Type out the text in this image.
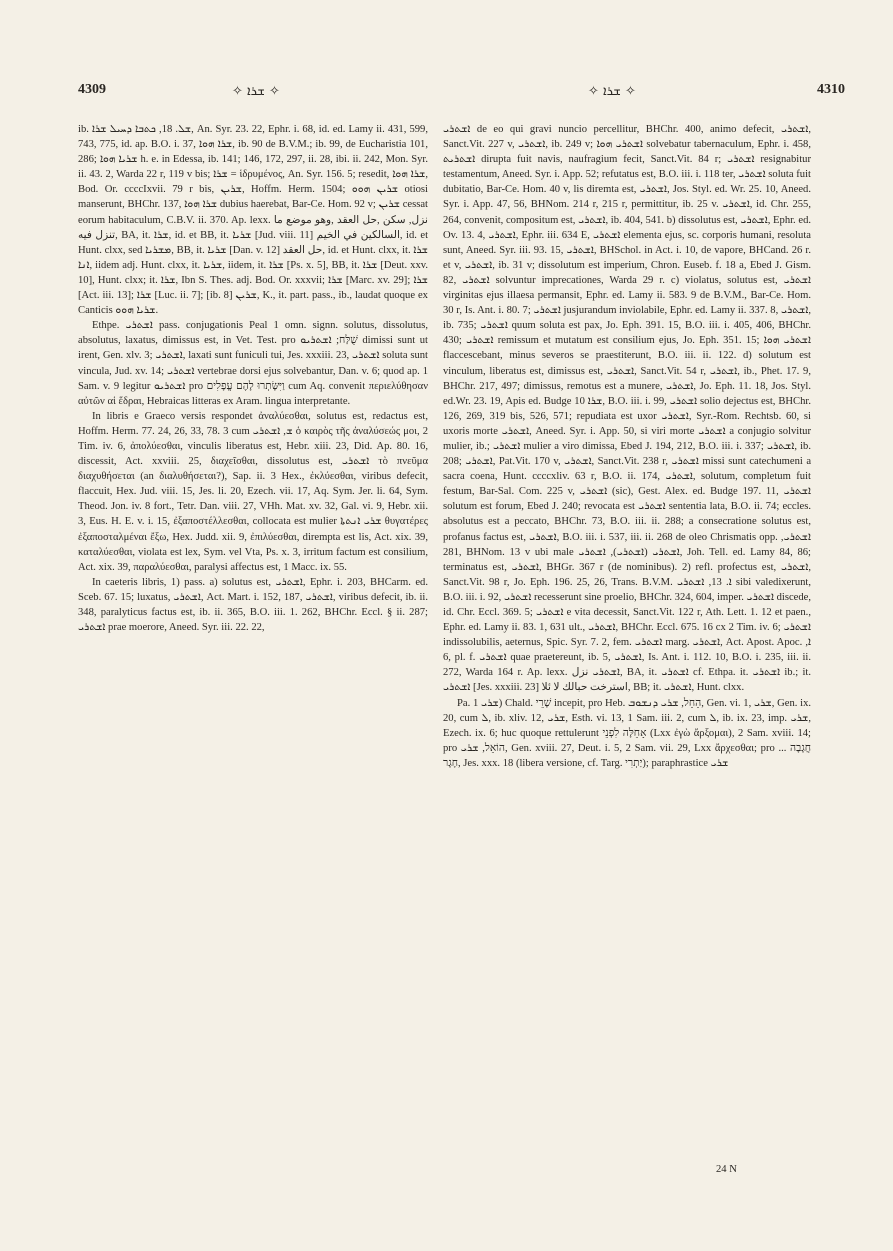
4309	✧ ܫܪܐ ✧	✧ ܫܪܐ ✧	4310

ib. ܫܠ. 18, ܟܬܒܐ ܕܚܝܠ ܫܪܐ, An. Syr. 23. 22, Ephr. i. 68, id. ed. Lamy ii. 431, 599, 743, 775, id. ap. B.O. i. 37, ܫܪܐ ܗܘܐ, ib. 90 de B.V.M.; ib. 99, de Eucharistia 101, 286; ܫܪܝܐ ܗܘܐ h. e. in Edessa, ib. 141; 146, 172, 297, ii. 28, ibi. ii. 242, Mon. Syr. ii. 43. 2, Warda 22 r, 119 v bis; ܫܪܐ = ἱδρυμένος, An. Syr. 156. 5; resedit, ܫܪܐ ܗܘܐ, Bod. Or. ccccIxvii. 79 r bis, ܫܪܝܢ, Hoffm. Herm. 1504; ܫܪܝܢ ܗܘܘ otiosi manserunt, BHChr. 137, ܫܪܐ ܗܘܐ dubius haerebat, Bar-Ce. Hom. 92 v; ܫܪܝܢ cessat eorum habitaculum, C.B.V. ii. 370. Ap. lexx. نزل, سكن ,حل العقد ,وهو موضع ما تنزل فيه, BA, it. ܫܪܐ, id. et BB, it. ܫܪܝܐ [Jud. viii. 11] السالكين في الخيم, id. et Hunt. clxx, sed ܡܫܪܝܐ, BB, it. ܫܪܝܐ [Dan. v. 12] حل العقد, id. et Hunt. clxx, it. ܫܪܐ ܐܢܐ, iidem adj. Hunt. clxx, it. ܫܪܝܐ, iidem, it. ܫܪܐ [Ps. x. 5], BB, it. ܫܪܐ [Deut. xxv. 10], Hunt. clxx; it. ܫܪܐ, Ibn S. Thes. adj. Bod. Or. xxxvii; ܫܪܐ [Marc. xv. 29]; ܫܪܐ [Act. iii. 13]; ܫܪܐ [Luc. ii. 7]; [ib. 8] ܫܪܝܢ, K., it. part. pass., ib., laudat quoque ex Canticis ܫܪܝܐ ܗܘܘ.

Ethpe. ܐܫܬܪܝ pass. conjugationis Peal 1 omn. signn. solutus, dissolutus, absolutus, laxatus, dimissus est, in Vet. Test. pro שֻׁלַּח; ܐܫܬܪܝܘ dimissi sunt ut irent, Gen. xlv. 3; ܐܫܬܪܝ, laxati sunt funiculi tui, Jes. xxxiii. 23, ܐܫܬܪܝ soluta sunt vincula, Jud. xv. 14; ܐܫܬܪܝ vertebrae dorsi ejus solvebantur, Dan. v. 6; quod ap. 1 Sam. v. 9 legitur ܐܫܬܪܝܘ pro וַיִּשָּׂתְרוּ לָהֶם עֳפָלִים cum Aq. convenit περιελύθησαν αὐτῶν αἱ ἕδραι, Hebraicas litteras ex Aram. lingua interpretante.

In libris e Graeco versis respondet ἀναλύεσθαι, solutus est, redactus est, Hoffm. Herm. 77. 24, 26, 33, 78. 3 cum ܫ, ܐܫܬܪܝ ὁ καιρὸς τῆς ἀναλύσεώς μοι, 2 Tim. iv. 6, ἀπολύεσθαι, vinculis liberatus est, Hebr. xiii. 23, Did. Ap. 80. 16, discessit, Act. xxviii. 25, διαχεῖσθαι, dissolutus est, ܐܫܬܪܝ τὸ πνεῦμα διαχυθήσεται (an διαλυθήσεται?), Sap. ii. 3 Hex., ἐκλύεσθαι, viribus defecit, flaccuit, Hex. Jud. viii. 15, Jes. li. 20, Ezech. vii. 17, Aq. Sym. Jer. li. 64, Sym. Theod. Jon. iv. 8 fort., Tetr. Dan. viii. 27, VHh. Mat. xv. 32, Gal. vi. 9, Hebr. xii. 3, Eus. H. E. v. i. 15, ἐξαποστέλλεσθαι, collocata est mulier ܫܪܝ ܐܢܬܬܐ θυγατέρες ἐξαποσταλμέναι ἔξω, Hex. Judd. xii. 9, ἐπιλύεσθαι, dirempta est lis, Act. xix. 39, καταλύεσθαι, violata est lex, Sym. vel Vta, Ps. x. 3, irritum factum est consilium, Act. xix. 39, παραλύεσθαι, paralysi affectus est, 1 Macc. ix. 55.

In caeteris libris, 1) pass. a) solutus est, ܐܫܬܪܝ, Ephr. i. 203, BHCarm. ed. Sceb. 67. 15; luxatus, ܐܫܬܪܝ, Act. Mart. i. 152, 187, ܐܫܬܪܝ, viribus defecit, ib. ii. 348, paralyticus factus est, ib. ii. 365, B.O. iii. 1. 262, BHChr. Eccl. § ii. 287; ܐܫܬܪܝ prae moerore, Aneed. Syr. iii. 22. 22,

ܐܫܬܪܝ de eo qui gravi nuncio percellitur, BHChr. 400, animo defecit, ܐܫܬܪܝ, Sanct.Vit. 227 v, ܐܫܬܪܝ, ib. 249 v; ܐܫܬܪܝ ܗܘܐ solvebatur tabernaculum, Ephr. i. 458, ܐܫܬܪܝܬ dirupta fuit navis, naufragium fecit, Sanct.Vit. 84 r; ܐܫܬܪܝ resignabitur testamentum, Aneed. Syr. i. App. 52; refutatus est, B.O. iii. i. 118 ter, ܐܫܬܪܝ soluta fuit dubitatio, Bar-Ce. Hom. 40 v, lis diremta est, ܐܫܬܪܝ, Jos. Styl. ed. Wr. 25. 10, Aneed. Syr. i. App. 47, 56, BHNom. 214 r, 215 r, permittitur, ib. 25 v. ܐܫܬܪܝ, id. Chr. 255, 264, convenit, compositum est, ܐܫܬܪܝ, ib. 404, 541. b) dissolutus est, ܐܫܬܪܝ, Ephr. ed. Ov. 13. 4, ܐܫܬܪܝ, Ephr. iii. 634 E, ܐܫܬܪܝ elementa ejus, sc. corporis humani, resoluta sunt, Aneed. Syr. iii. 93. 15, ܐܫܬܪܝ, BHSchol. in Act. i. 10, de vapore, BHCand. 26 r. et v, ܐܫܬܪܝ, ib. 31 v; dissolutum est imperium, Chron. Euseb. f. 18 a, Ebed J. Gism. 82, ܐܫܬܪܝ solvuntur imprecationes, Warda 29 r. c) violatus, solutus est, ܐܫܬܪܝ virginitas ejus illaesa permansit, Ephr. ed. Lamy ii. 583. 9 de B.V.M., Bar-Ce. Hom. 30 r, Is. Ant. i. 80. 7; ܐܫܬܪܝ jusjurandum inviolabile, Ephr. ed. Lamy ii. 337. 8, ܐܫܬܪܝ, ib. 735; ܐܫܬܪܝ quum soluta est pax, Jo. Eph. 391. 15, B.O. iii. i. 405, 406, BHChr. 430; ܐܫܬܪܝ remissum et mutatum est consilium ejus, Jo. Eph. 351. 15; ܐܫܬܪܝ ܗܘܐ flaccescebant, minus severos se praestiterunt, B.O. iii. ii. 122. d) solutum est vinculum, liberatus est, dimissus est, ܐܫܬܪܝ, Sanct.Vit. 54 r, ܐܫܬܪܝ, ib., Phet. 17. 9, BHChr. 217, 497; dimissus, remotus est a munere, ܐܫܬܪܝ, Jo. Eph. 11. 18, Jos. Styl. ed.Wr. 23. 19, Apis ed. Budge ܫܪܐ 10, B.O. iii. i. 99, ܐܫܬܪܝ solio dejectus est, BHChr. 126, 269, 319 bis, 526, 571; repudiata est uxor ܐܫܬܪܝ, Syr.-Rom. Rechtsb. 60, si uxoris morte ܐܫܬܪܝ, Aneed. Syr. i. App. 50, si viri morte ܐܫܬܪܝ a conjugio solvitur mulier, ib.; ܐܫܬܪܝ mulier a viro dimissa, Ebed J. 194, 212, B.O. iii. i. 337; ܐܫܬܪܝ, ib. 208; ܐܫܬܪܝ, Pat.Vit. 170 v, ܐܫܬܪܝ, Sanct.Vit. 238 r, ܐܫܬܪܝ missi sunt catechumeni a sacra coena, Hunt. ccccxliv. 63 r, B.O. ii. 174, ܐܫܬܪܝ, solutum, completum fuit festum, Bar-Sal. Com. 225 v, ܐܫܬܪܝ (sic), Gest. Alex. ed. Budge 197. 11, ܐܫܬܪܝ solutum est forum, Ebed J. 240; revocata est ܐܫܬܪܝ sententia lata, B.O. ii. 74; eccles. absolutus est a peccato, BHChr. 73, B.O. iii. ii. 288; a consecratione solutus est, profanus factus est, ܐܫܬܪܝ, B.O. iii. i. 537, iii. ii. 268 de oleo Chrismatis opp. ܐܫܬܪܝ, 281, BHNom. 13 v ubi male ܐܫܬܪܝ (ܐܫܬܪܝ), ܐܫܬܪܝ, Joh. Tell. ed. Lamy 84, 86; terminatus est, ܐܫܬܪܝ, BHGr. 367 r (de nominibus). 2) refl. profectus est, ܐܫܬܪܝ, Sanct.Vit. 98 r, Jo. Eph. 196. 25, 26, Trans. B.V.M. ܐ. 13, ܐܫܬܪܝ sibi valedixerunt, B.O. iii. i. 92, ܐܫܬܪܝ recesserunt sine proelio, BHChr. 324, 604, imper. ܐܫܬܪܝ discede, id. Chr. Eccl. 369. 5; ܐܫܬܪܝ e vita decessit, Sanct.Vit. 122 r, Ath. Lett. 1. 12 et paen., Ephr. ed. Lamy ii. 83. 1, 631 ult., ܐܫܬܪܝ, BHChr. Eccl. 675. 16 cx 2 Tim. iv. 6; ܐܫܬܪܝ indissolubilis, aeternus, Spic. Syr. 7. 2, fem. ܐܫܬܪܝ marg. ܐܫܬܪܝ, Act. Apost. Apoc. ܐ, 6, pl. f. ܐܫܬܪܝ quae praetereunt, ib. 5, ܐܫܬܪܝ, Is. Ant. i. 112. 10, B.O. i. 235, iii. ii. 272, Warda 164 r. Ap. lexx. ܐܫܬܪܝ نزل, BA, it. ܐܫܬܪܝ cf. Ethpa. it. ܐܫܬܪܝ ib.; it. ܐܫܬܪܝ [Jes. xxxiii. 23] استرخت حبالك لا ئلا, BB; it. ܐܫܬܪܝ, Hunt. clxx.

Pa. ܫܪܝ 1) Chald. שָׁרֵי incepit, pro Heb. הֵחֵל, ܫܪܝ ܕܢܫܘܒ, Gen. vi. 1, ܫܪܝ, Gen. ix. 20, cum ܠ, ib. xliv. 12, ܫܪܝ, Esth. vi. 13, 1 Sam. iii. 2, cum ܠ, ib. ix. 23, imp. ܫܪܝ, Ezech. ix. 6; huc quoque rettulerunt אָחֵלָּה לִפְנֵי (Lxx ἐγὼ ἄρξομαι), 2 Sam. xviii. 14; pro הוֹאֵל, ܫܪܝ, Gen. xviii. 27, Deut. i. 5, 2 Sam. vii. 29, Lxx ἄρχεσθαι; pro חֲגָבָה ... חָגָר, Jes. xxx. 18 (libera versione, cf. Targ. יַתְרִי); paraphrastice ܫܪܝ

24 N
